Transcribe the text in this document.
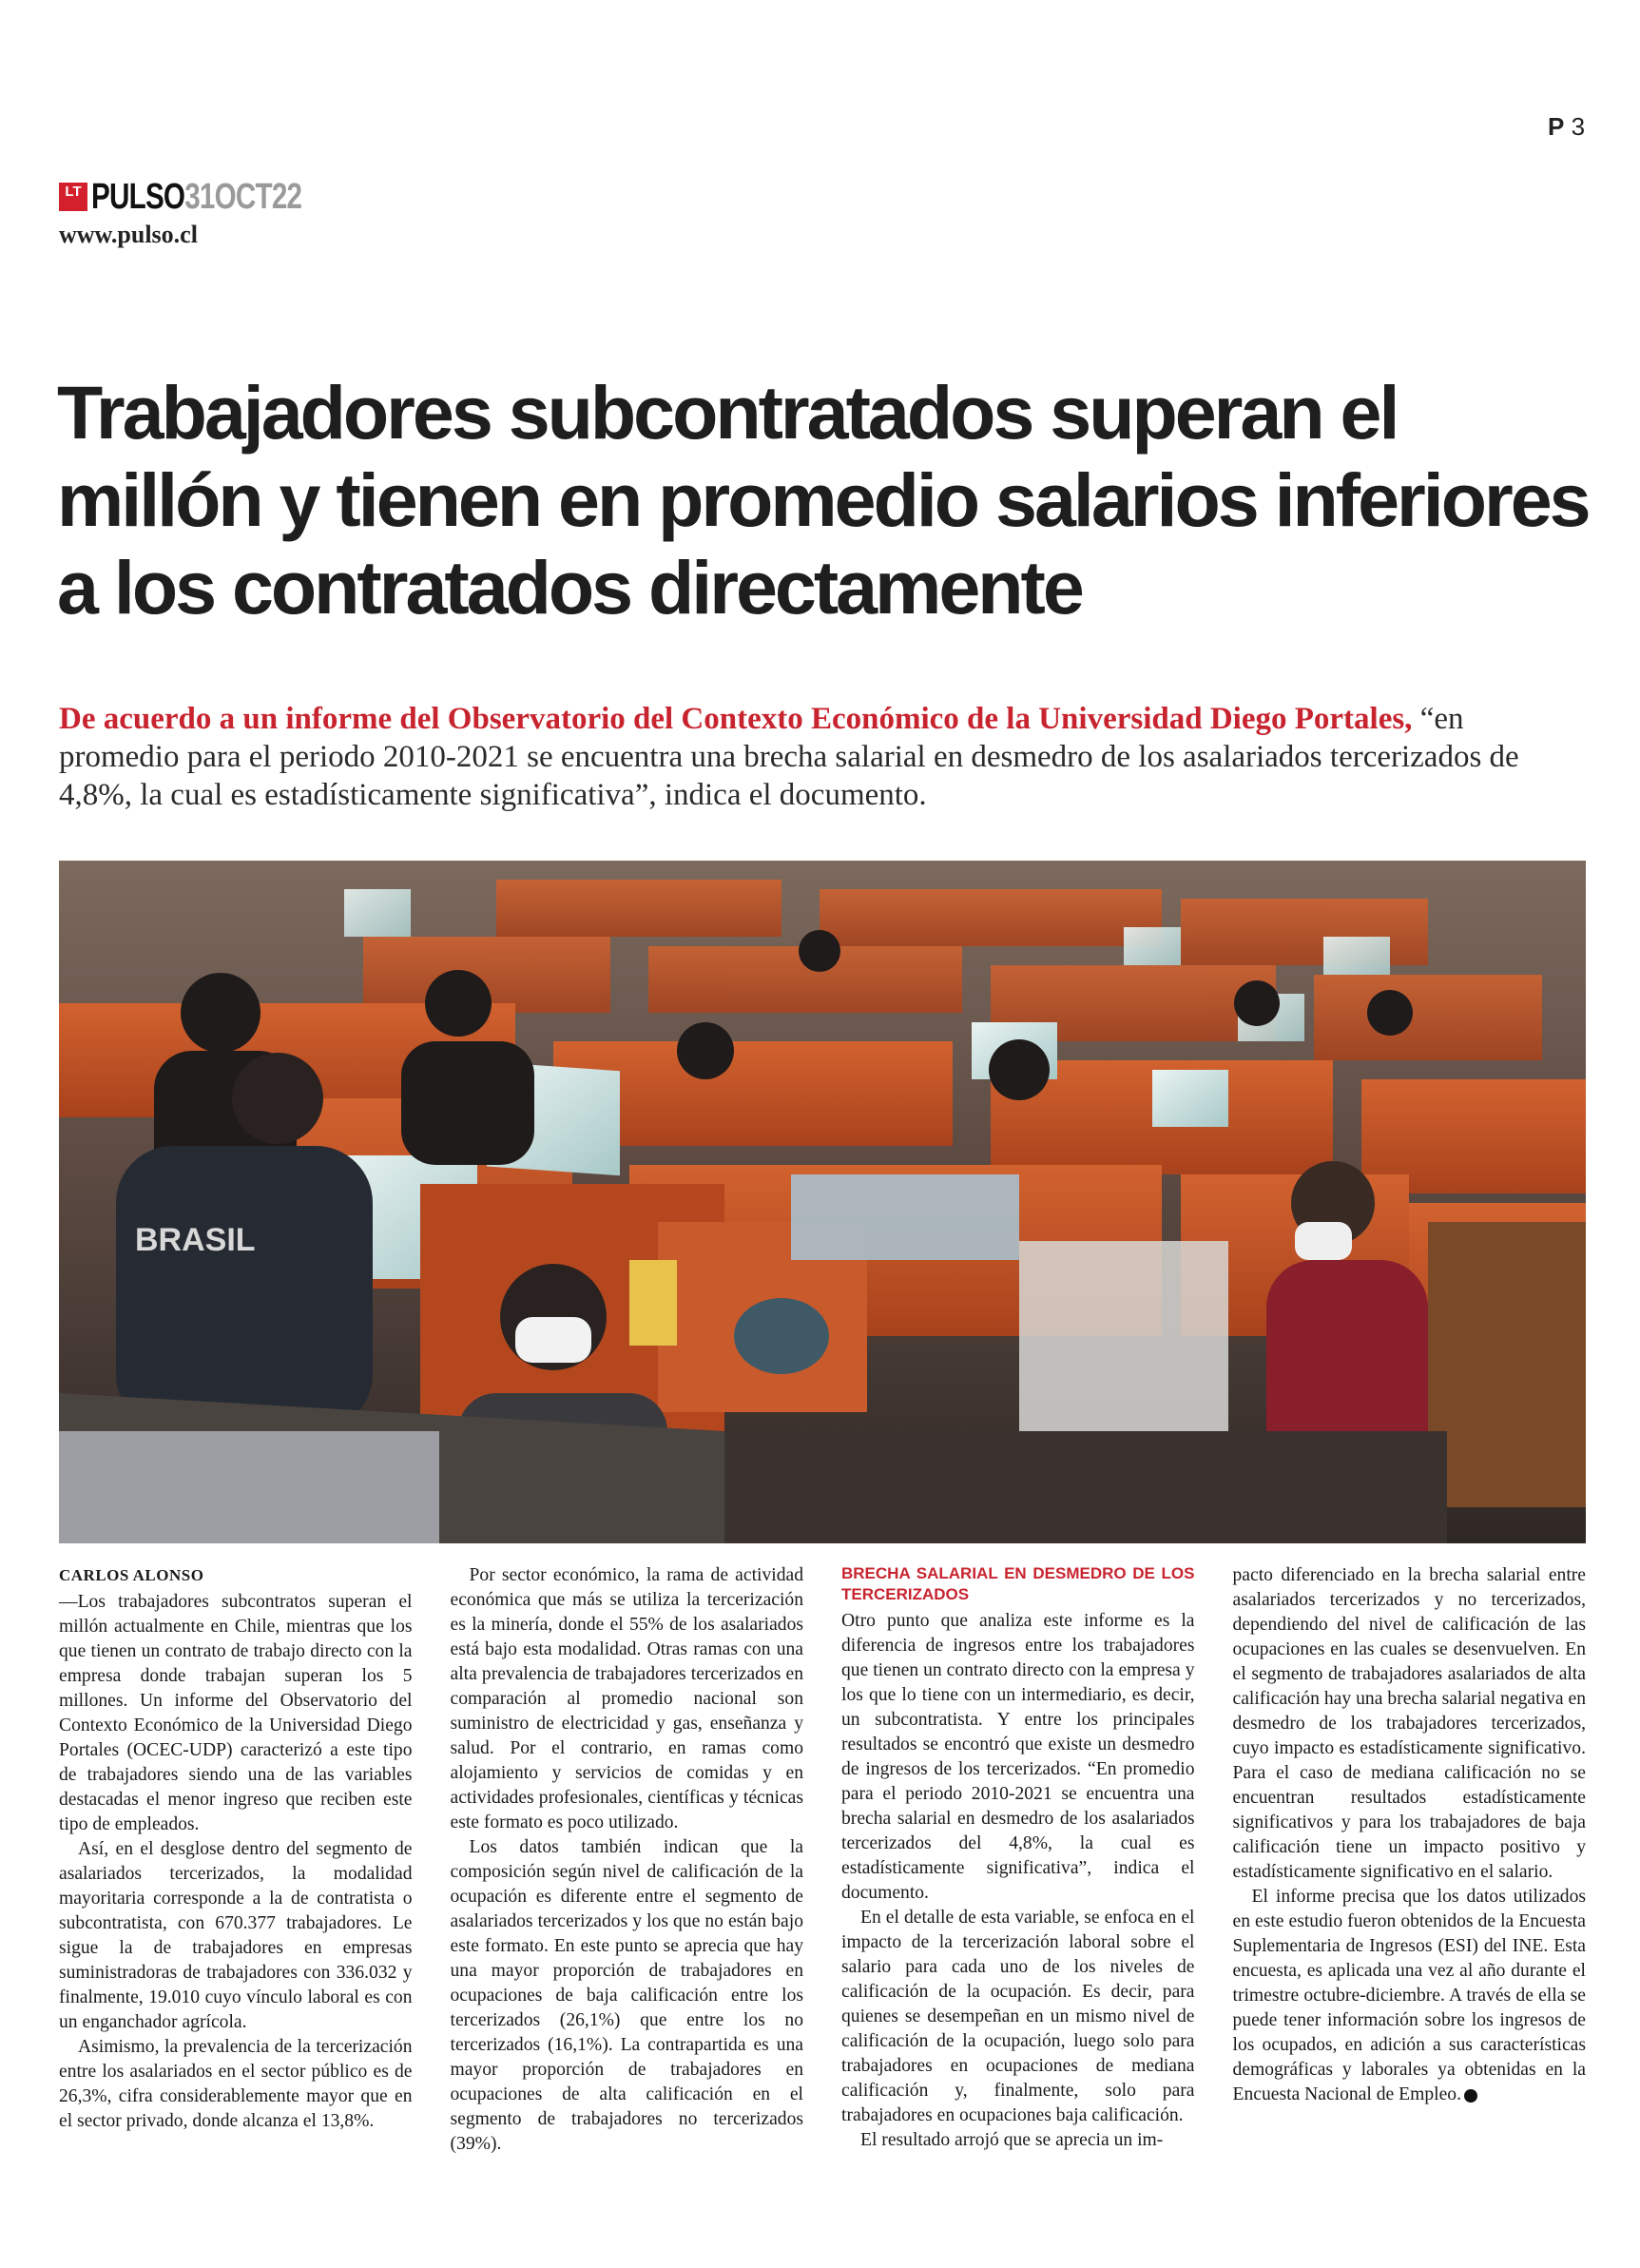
P 3
LT PULSO31OCT22
www.pulso.cl
Trabajadores subcontratados superan el millón y tienen en promedio salarios inferiores a los contratados directamente

De acuerdo a un informe del Observatorio del Contexto Económico de la Universidad Diego Portales, “en promedio para el periodo 2010-2021 se encuentra una brecha salarial en desmedro de los asalariados tercerizados de 4,8%, la cual es estadísticamente significativa”, indica el documento.

BRASIL
CARLOS ALONSO

—Los trabajadores subcontratos superan el millón actualmente en Chile, mientras que los que tienen un contrato de trabajo directo con la empresa donde trabajan superan los 5 millones. Un informe del Observatorio del Contexto Económico de la Universidad Diego Portales (OCEC-UDP) caracterizó a este tipo de trabajadores siendo una de las variables destacadas el menor ingreso que reciben este tipo de empleados.

Así, en el desglose dentro del segmento de asalariados tercerizados, la modalidad mayoritaria corresponde a la de contratista o subcontratista, con 670.377 trabajadores. Le sigue la de trabajadores en empresas suministradoras de trabajadores con 336.032 y finalmente, 19.010 cuyo vínculo laboral es con un enganchador agrícola.

Asimismo, la prevalencia de la tercerización entre los asalariados en el sector público es de 26,3%, cifra considerablemente mayor que en el sector privado, donde alcanza el 13,8%.

Por sector económico, la rama de actividad económica que más se utiliza la tercerización es la minería, donde el 55% de los asalariados está bajo esta modalidad. Otras ramas con una alta prevalencia de trabajadores tercerizados en comparación al promedio nacional son suministro de electricidad y gas, enseñanza y salud. Por el contrario, en ramas como alojamiento y servicios de comidas y en actividades profesionales, científicas y técnicas este formato es poco utilizado.

Los datos también indican que la composición según nivel de calificación de la ocupación es diferente entre el segmento de asalariados tercerizados y los que no están bajo este formato. En este punto se aprecia que hay una mayor proporción de trabajadores en ocupaciones de baja calificación entre los tercerizados (26,1%) que entre los no tercerizados (16,1%). La contrapartida es una mayor proporción de trabajadores en ocupaciones de alta calificación en el segmento de trabajadores no tercerizados (39%).

BRECHA SALARIAL EN DESMEDRO DE LOS TERCERIZADOS

Otro punto que analiza este informe es la diferencia de ingresos entre los trabajadores que tienen un contrato directo con la empresa y los que lo tiene con un intermediario, es decir, un subcontratista. Y entre los principales resultados se encontró que existe un desmedro de ingresos de los tercerizados. “En promedio para el periodo 2010-2021 se encuentra una brecha salarial en desmedro de los asalariados tercerizados del 4,8%, la cual es estadísticamente significativa”, indica el documento.

En el detalle de esta variable, se enfoca en el impacto de la tercerización laboral sobre el salario para cada uno de los niveles de calificación de la ocupación. Es decir, para quienes se desempeñan en un mismo nivel de calificación de la ocupación, luego solo para trabajadores en ocupaciones de mediana calificación y, finalmente, solo para trabajadores en ocupaciones baja calificación.

El resultado arrojó que se aprecia un im-

pacto diferenciado en la brecha salarial entre asalariados tercerizados y no tercerizados, dependiendo del nivel de calificación de las ocupaciones en las cuales se desenvuelven. En el segmento de trabajadores asalariados de alta calificación hay una brecha salarial negativa en desmedro de los trabajadores tercerizados, cuyo impacto es estadísticamente significativo. Para el caso de mediana calificación no se encuentran resultados estadísticamente significativos y para los trabajadores de baja calificación tiene un impacto positivo y estadísticamente significativo en el salario.

El informe precisa que los datos utilizados en este estudio fueron obtenidos de la Encuesta Suplementaria de Ingresos (ESI) del INE. Esta encuesta, es aplicada una vez al año durante el trimestre octubre-diciembre. A través de ella se puede tener información sobre los ingresos de los ocupados, en adición a sus características demográficas y laborales ya obtenidas en la Encuesta Nacional de Empleo.	P
